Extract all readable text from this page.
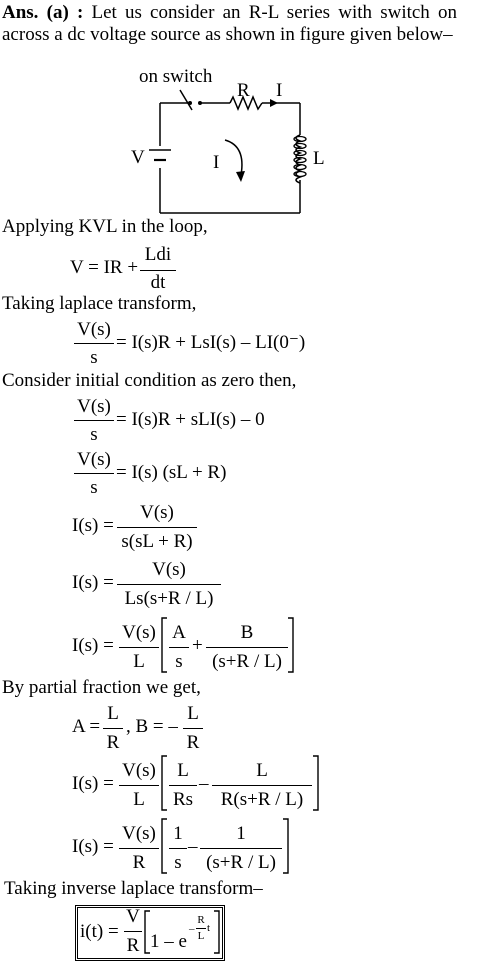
Ans. (a) : Let us consider an R-L series with switch on across a dc voltage source as shown in figure given below–
on switch
R I
I	L
V
Applying KVL in the loop,
V = IR +
Ldi
dt
Taking laplace transform,
V(s)
s
= I(s)R + LsI(s) – LI(0⁻)
Consider initial condition as zero then,
V(s)
s
= I(s)R + sLI(s) – 0
V(s)
s
= I(s) (sL + R)
I(s) =
V(s)
s(sL + R)
I(s) =
V(s)
Ls(s+R / L)
I(s) =
V(s)
L
A
s
+
B
(s+R / L)
By partial fraction we get,
A =
L
R
, B = –
L
R
I(s) =
V(s)
L
L
Rs
–
L
R(s+R / L)
I(s) =
V(s)
R
1
s
–
1
(s+R / L)
Taking inverse laplace transform–
i(t) =
V
R 1 – e
–
R
L
t
